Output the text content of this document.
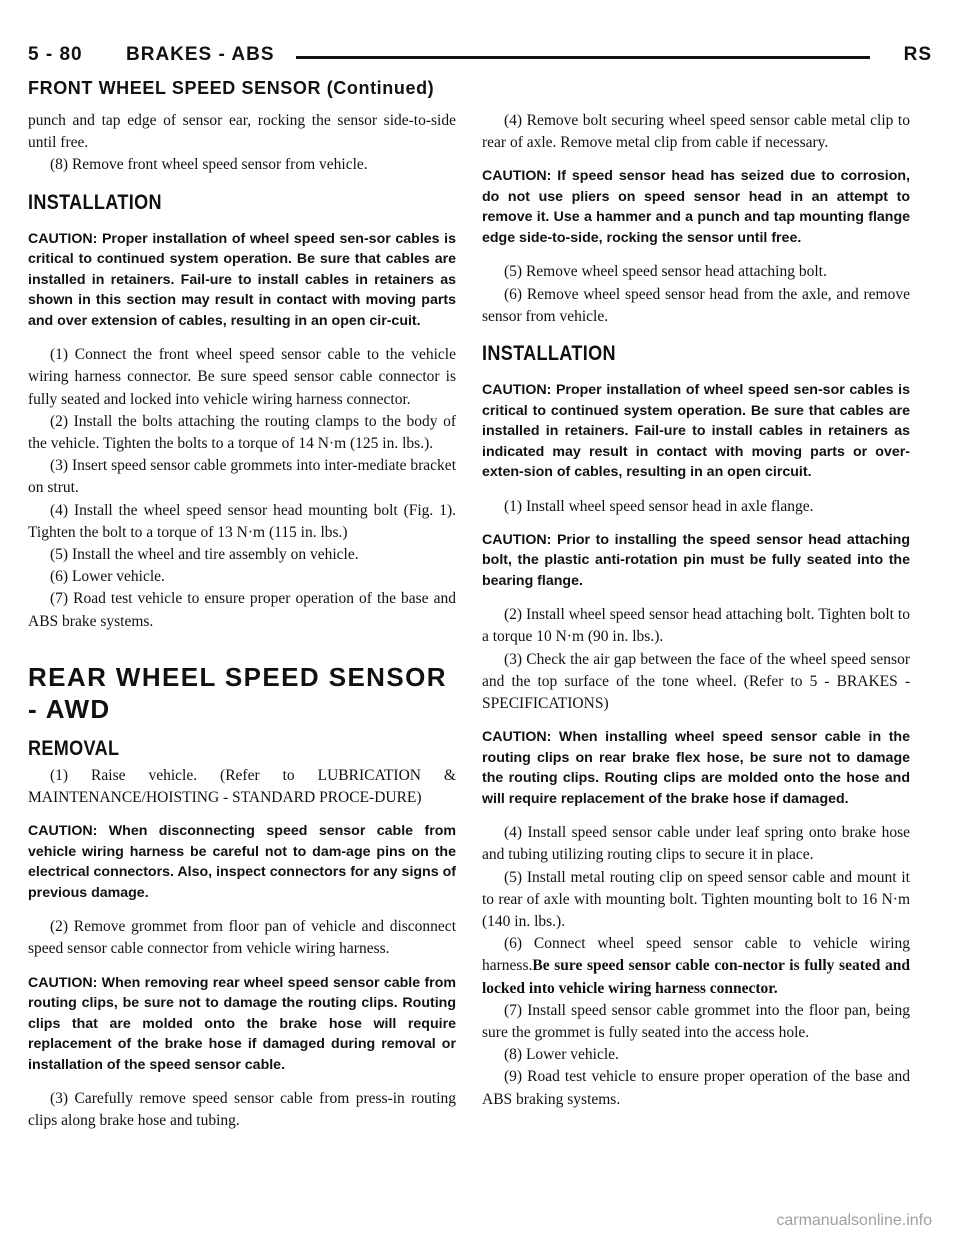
5 - 80 BRAKES - ABS	RS
FRONT WHEEL SPEED SENSOR (Continued)

punch and tap edge of sensor ear, rocking the sensor side-to-side until free.

(8) Remove front wheel speed sensor from vehicle.

INSTALLATION

CAUTION: Proper installation of wheel speed sen-sor cables is critical to continued system operation. Be sure that cables are installed in retainers. Fail-ure to install cables in retainers as shown in this section may result in contact with moving parts and over extension of cables, resulting in an open cir-cuit.

(1) Connect the front wheel speed sensor cable to the vehicle wiring harness connector. Be sure speed sensor cable connector is fully seated and locked into vehicle wiring harness connector.

(2) Install the bolts attaching the routing clamps to the body of the vehicle. Tighten the bolts to a torque of 14 N·m (125 in. lbs.).

(3) Insert speed sensor cable grommets into inter-mediate bracket on strut.

(4) Install the wheel speed sensor head mounting bolt (Fig. 1). Tighten the bolt to a torque of 13 N·m (115 in. lbs.)

(5) Install the wheel and tire assembly on vehicle.

(6) Lower vehicle.

(7) Road test vehicle to ensure proper operation of the base and ABS brake systems.

REAR WHEEL SPEED SENSOR - AWD
REMOVAL

(1) Raise vehicle. (Refer to LUBRICATION & MAINTENANCE/HOISTING - STANDARD PROCE-DURE)

CAUTION: When disconnecting speed sensor cable from vehicle wiring harness be careful not to dam-age pins on the electrical connectors. Also, inspect connectors for any signs of previous damage.

(2) Remove grommet from floor pan of vehicle and disconnect speed sensor cable connector from vehicle wiring harness.

CAUTION: When removing rear wheel speed sensor cable from routing clips, be sure not to damage the routing clips. Routing clips that are molded onto the brake hose will require replacement of the brake hose if damaged during removal or installation of the speed sensor cable.

(3) Carefully remove speed sensor cable from press-in routing clips along brake hose and tubing.

(4) Remove bolt securing wheel speed sensor cable metal clip to rear of axle. Remove metal clip from cable if necessary.

CAUTION: If speed sensor head has seized due to corrosion, do not use pliers on speed sensor head in an attempt to remove it. Use a hammer and a punch and tap mounting flange edge side-to-side, rocking the sensor until free.

(5) Remove wheel speed sensor head attaching bolt.

(6) Remove wheel speed sensor head from the axle, and remove sensor from vehicle.

INSTALLATION

CAUTION: Proper installation of wheel speed sen-sor cables is critical to continued system operation. Be sure that cables are installed in retainers. Fail-ure to install cables in retainers as indicated may result in contact with moving parts or over-exten-sion of cables, resulting in an open circuit.

(1) Install wheel speed sensor head in axle flange.

CAUTION: Prior to installing the speed sensor head attaching bolt, the plastic anti-rotation pin must be fully seated into the bearing flange.

(2) Install wheel speed sensor head attaching bolt. Tighten bolt to a torque 10 N·m (90 in. lbs.).

(3) Check the air gap between the face of the wheel speed sensor and the top surface of the tone wheel. (Refer to 5 - BRAKES - SPECIFICATIONS)

CAUTION: When installing wheel speed sensor cable in the routing clips on rear brake flex hose, be sure not to damage the routing clips. Routing clips are molded onto the hose and will require replacement of the brake hose if damaged.

(4) Install speed sensor cable under leaf spring onto brake hose and tubing utilizing routing clips to secure it in place.

(5) Install metal routing clip on speed sensor cable and mount it to rear of axle with mounting bolt. Tighten mounting bolt to 16 N·m (140 in. lbs.).

(6) Connect wheel speed sensor cable to vehicle wiring harness.Be sure speed sensor cable con-nector is fully seated and locked into vehicle wiring harness connector.

(7) Install speed sensor cable grommet into the floor pan, being sure the grommet is fully seated into the access hole.

(8) Lower vehicle.

(9) Road test vehicle to ensure proper operation of the base and ABS braking systems.

carmanualsonline.info
